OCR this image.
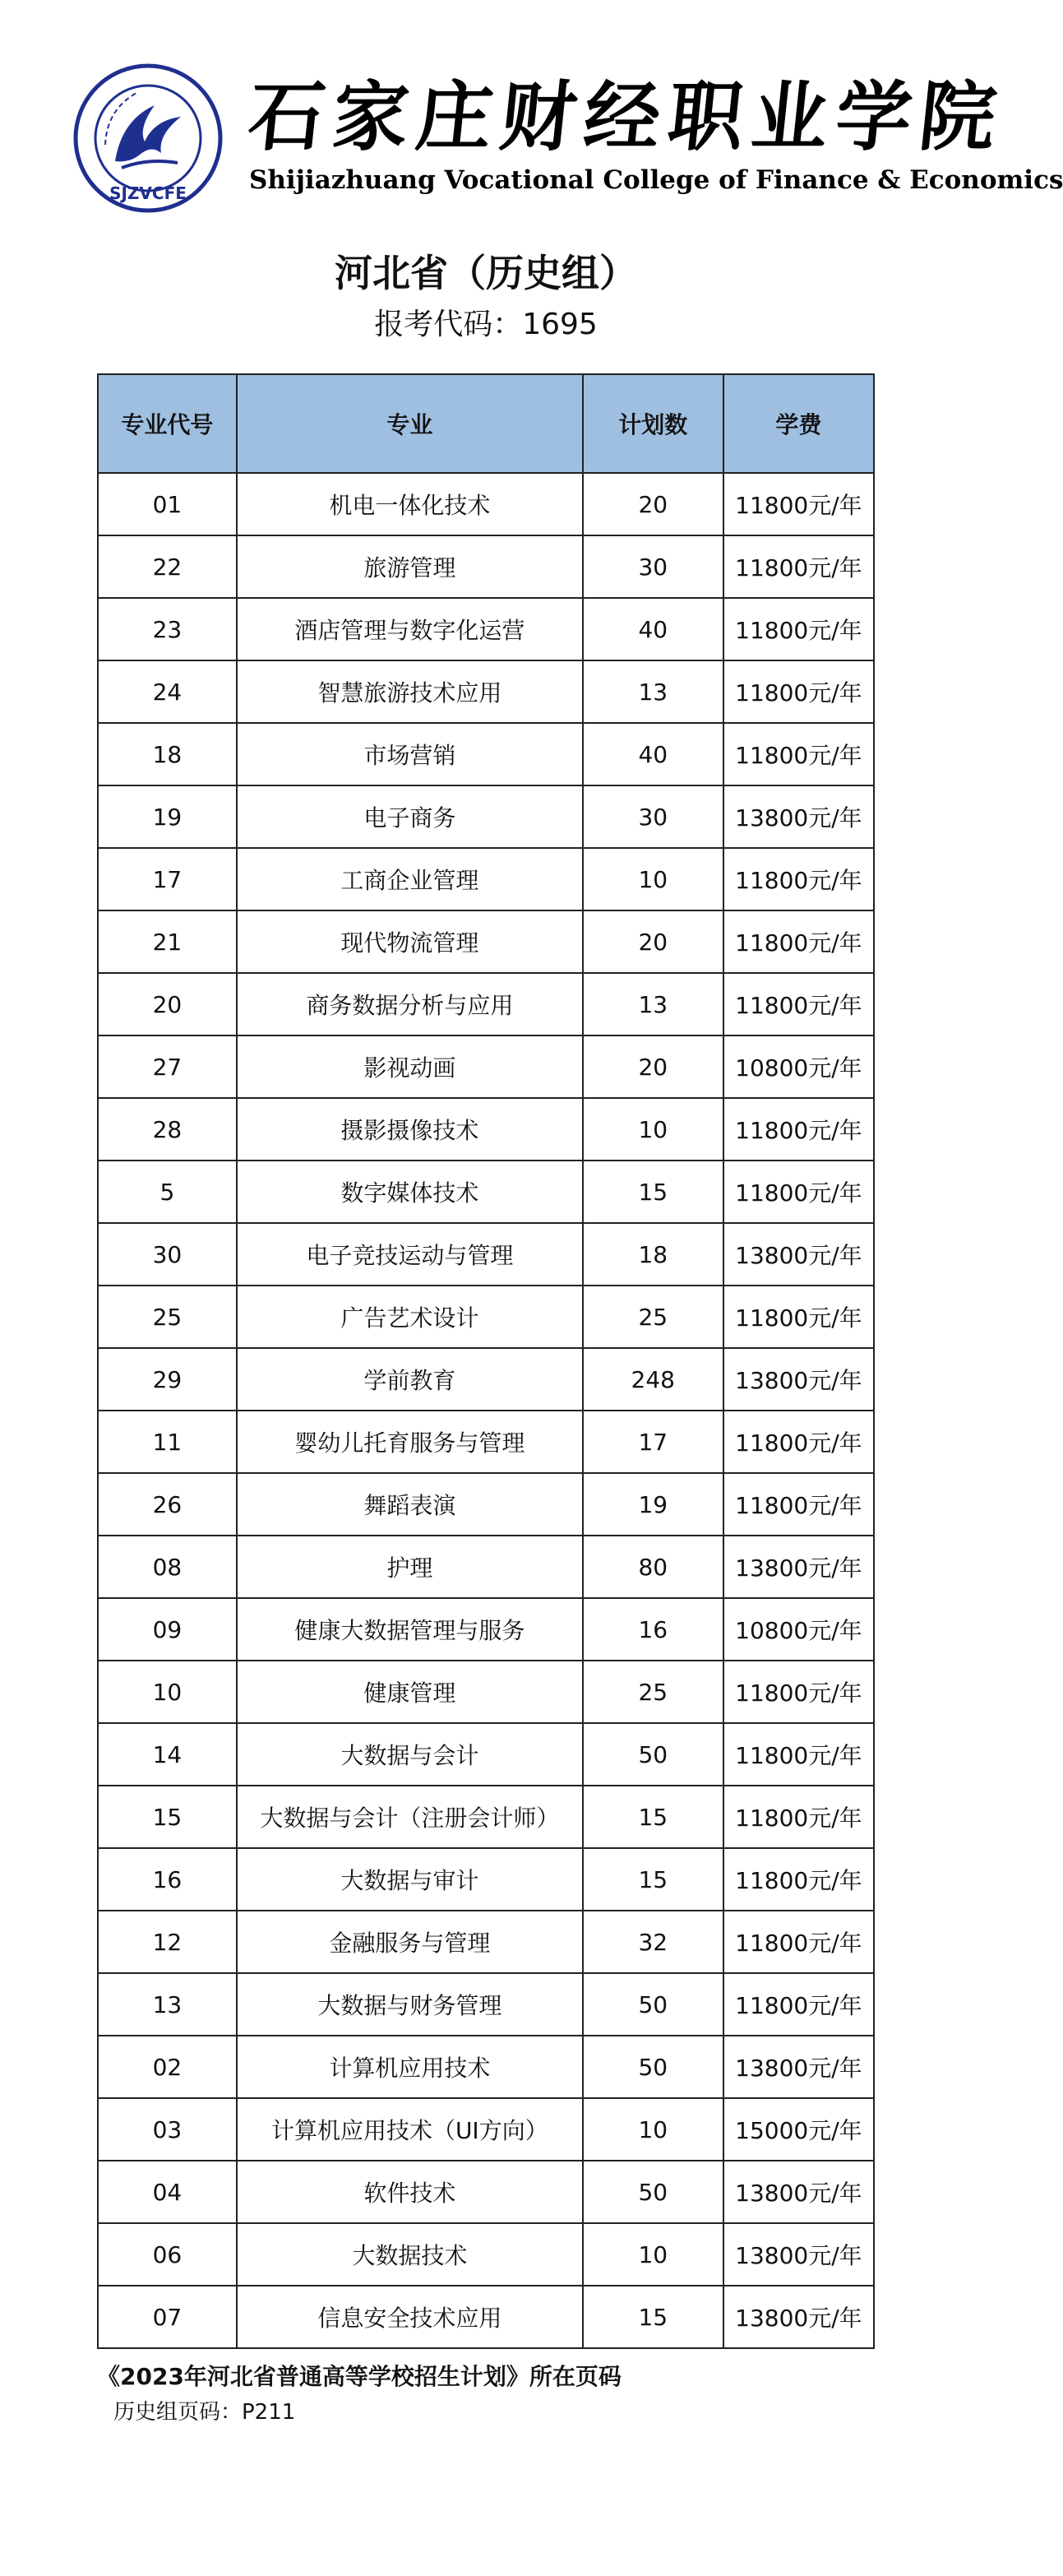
SJZVCFE
石家庄财经职业学院
Shijiazhuang Vocational College of Finance & Economics
河北省（历史组）
报考代码：1695
专业代号	专业	计划数	学费
01	机电一体化技术	20	11800元/年
22	旅游管理	30	11800元/年
23	酒店管理与数字化运营	40	11800元/年
24	智慧旅游技术应用	13	11800元/年
18	市场营销	40	11800元/年
19	电子商务	30	13800元/年
17	工商企业管理	10	11800元/年
21	现代物流管理	20	11800元/年
20	商务数据分析与应用	13	11800元/年
27	影视动画	20	10800元/年
28	摄影摄像技术	10	11800元/年
5	数字媒体技术	15	11800元/年
30	电子竞技运动与管理	18	13800元/年
25	广告艺术设计	25	11800元/年
29	学前教育	248	13800元/年
11	婴幼儿托育服务与管理	17	11800元/年
26	舞蹈表演	19	11800元/年
08	护理	80	13800元/年
09	健康大数据管理与服务	16	10800元/年
10	健康管理	25	11800元/年
14	大数据与会计	50	11800元/年
15	大数据与会计（注册会计师）	15	11800元/年
16	大数据与审计	15	11800元/年
12	金融服务与管理	32	11800元/年
13	大数据与财务管理	50	11800元/年
02	计算机应用技术	50	13800元/年
03	计算机应用技术（UI方向）	10	15000元/年
04	软件技术	50	13800元/年
06	大数据技术	10	13800元/年
07	信息安全技术应用	15	13800元/年
《2023年河北省普通高等学校招生计划》所在页码
历史组页码：P211
